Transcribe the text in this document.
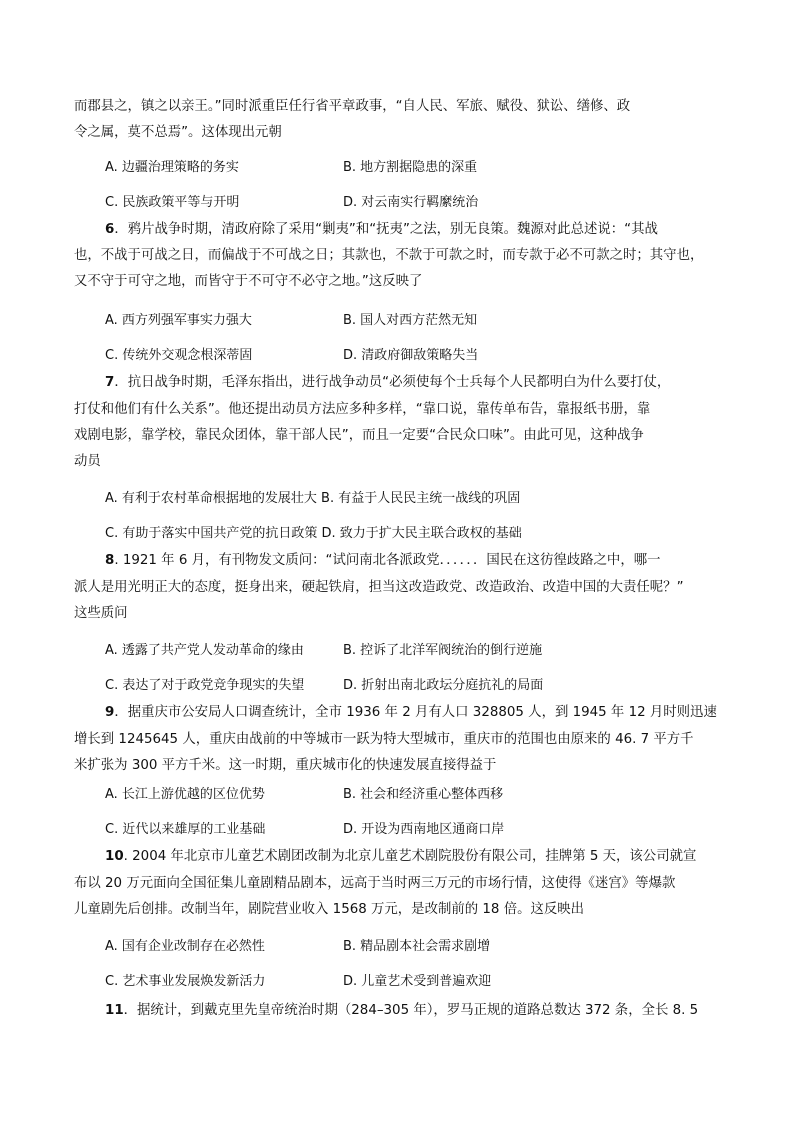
而郡县之，镇之以亲王。”同时派重臣任行省平章政事，“自人民、军旅、赋役、狱讼、缮修、政
令之属，莫不总焉”。这体现出元朝
A. 边疆治理策略的务实	B. 地方割据隐患的深重
C. 民族政策平等与开明	D. 对云南实行羁縻统治
6．鸦片战争时期，清政府除了采用“剿夷”和“抚夷”之法，别无良策。魏源对此总述说：“其战
也，不战于可战之日，而偏战于不可战之日；其款也，不款于可款之时，而专款于必不可款之时；其守也，
又不守于可守之地，而皆守于不可守不必守之地。”这反映了
A. 西方列强军事实力强大	B. 国人对西方茫然无知
C. 传统外交观念根深蒂固	D. 清政府御敌策略失当
7．抗日战争时期，毛泽东指出，进行战争动员“必须使每个士兵每个人民都明白为什么要打仗，
打仗和他们有什么关系”。他还提出动员方法应多种多样，“靠口说，靠传单布告，靠报纸书册，靠
戏剧电影，靠学校，靠民众团体，靠干部人民”，而且一定要“合民众口味”。由此可见，这种战争
动员
A. 有利于农村革命根据地的发展壮大 B. 有益于人民民主统一战线的巩固
C. 有助于落实中国共产党的抗日政策 D. 致力于扩大民主联合政权的基础
8. 1921 年 6 月，有刊物发文质问：“试问南北各派政党．．．．．．国民在这彷徨歧路之中，哪一
派人是用光明正大的态度，挺身出来，硬起铁肩，担当这改造政党、改造政治、改造中国的大责任呢？”
这些质问
A. 透露了共产党人发动革命的缘由	B. 控诉了北洋军阀统治的倒行逆施
C. 表达了对于政党竞争现实的失望	D. 折射出南北政坛分庭抗礼的局面
9．据重庆市公安局人口调查统计，全市 1936 年 2 月有人口 328805 人，到 1945 年 12 月时则迅速
增长到 1245645 人，重庆由战前的中等城市一跃为特大型城市，重庆市的范围也由原来的 46. 7 平方千
米扩张为 300 平方千米。这一时期，重庆城市化的快速发展直接得益于
A. 长江上游优越的区位优势	B. 社会和经济重心整体西移
C. 近代以来雄厚的工业基础	D. 开设为西南地区通商口岸
10. 2004 年北京市儿童艺术剧团改制为北京儿童艺术剧院股份有限公司，挂牌第 5 天，该公司就宣
布以 20 万元面向全国征集儿童剧精品剧本，远高于当时两三万元的市场行情，这使得《迷宫》等爆款
儿童剧先后创排。改制当年，剧院营业收入 1568 万元，是改制前的 18 倍。这反映出
A. 国有企业改制存在必然性	B. 精品剧本社会需求剧增
C. 艺术事业发展焕发新活力	D. 儿童艺术受到普遍欢迎
11．据统计，到戴克里先皇帝统治时期（284–305 年），罗马正规的道路总数达 372 条，全长 8. 5
